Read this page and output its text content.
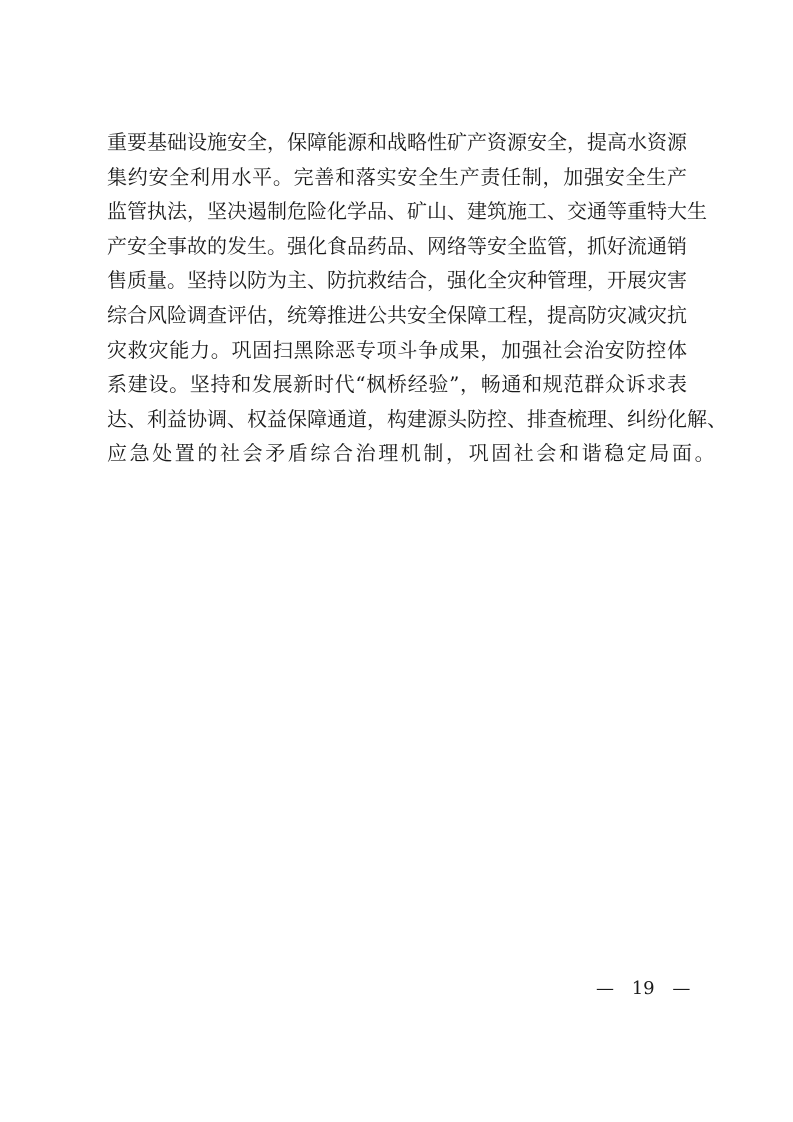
重要基础设施安全，保障能源和战略性矿产资源安全，提高水资源
集约安全利用水平。完善和落实安全生产责任制，加强安全生产
监管执法，坚决遏制危险化学品、矿山、建筑施工、交通等重特大生
产安全事故的发生。强化食品药品、网络等安全监管，抓好流通销
售质量。坚持以防为主、防抗救结合，强化全灾种管理，开展灾害
综合风险调查评估，统筹推进公共安全保障工程，提高防灾减灾抗
灾救灾能力。巩固扫黑除恶专项斗争成果，加强社会治安防控体
系建设。坚持和发展新时代“枫桥经验”，畅通和规范群众诉求表
达、利益协调、权益保障通道，构建源头防控、排查梳理、纠纷化解、
应急处置的社会矛盾综合治理机制，巩固社会和谐稳定局面。
— 19 —
